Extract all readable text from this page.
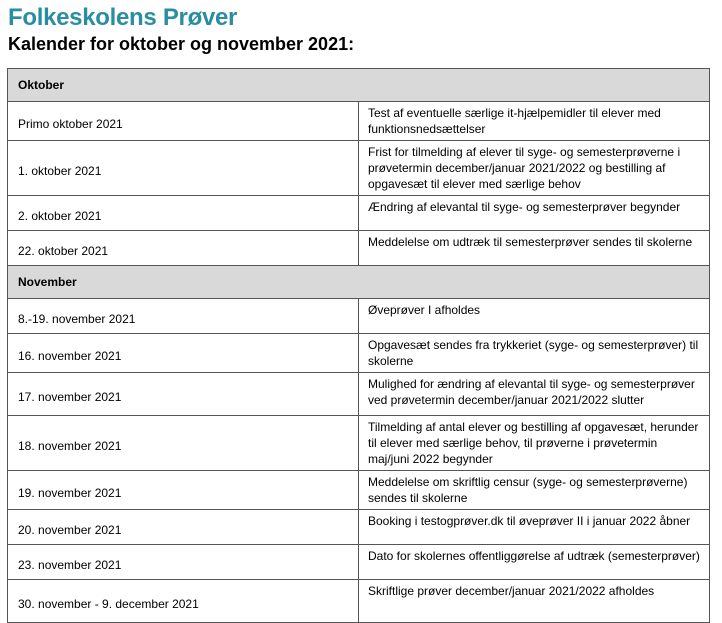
Folkeskolens Prøver
Kalender for oktober og november 2021:
Oktober	
Primo oktober 2021	Test af eventuelle særlige it-hjælpemidler til elever med funktionsnedsættelser
1. oktober 2021	Frist for tilmelding af elever til syge- og semesterprøverne i prøvetermin december/januar 2021/2022 og bestilling af opgavesæt til elever med særlige behov
2. oktober 2021	Ændring af elevantal til syge- og semesterprøver begynder
22. oktober 2021	Meddelelse om udtræk til semesterprøver sendes til skolerne
November	
8.-19. november 2021	Øveprøver I afholdes
16. november 2021	Opgavesæt sendes fra trykkeriet (syge- og semesterprøver) til skolerne
17. november 2021	Mulighed for ændring af elevantal til syge- og semesterprøver ved prøvetermin december/januar 2021/2022 slutter
18. november 2021	Tilmelding af antal elever og bestilling af opgavesæt, herunder til elever med særlige behov, til prøverne i prøvetermin maj/juni 2022 begynder
19. november 2021	Meddelelse om skriftlig censur (syge- og semesterprøverne) sendes til skolerne
20. november 2021	Booking i testogprøver.dk til øveprøver II i januar 2022 åbner
23. november 2021	Dato for skolernes offentliggørelse af udtræk (semesterprøver)
30. november - 9. december 2021	Skriftlige prøver december/januar 2021/2022 afholdes
